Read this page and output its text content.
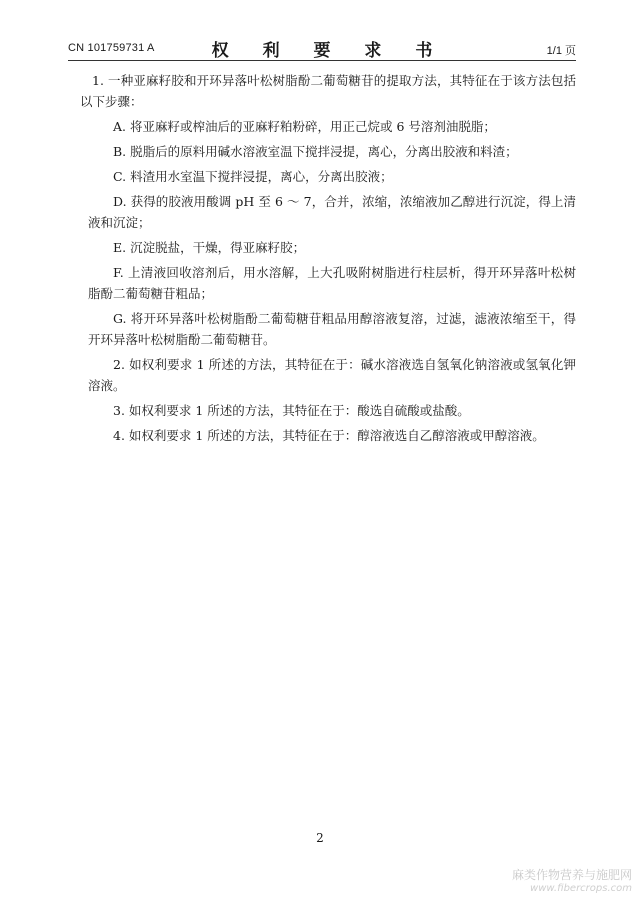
CN 101759731 A	权 利 要 求 书	1/1 页

1. 一种亚麻籽胶和开环异落叶松树脂酚二葡萄糖苷的提取方法，其特征在于该方法包括以下步骤：

A. 将亚麻籽或榨油后的亚麻籽粕粉碎，用正己烷或 6 号溶剂油脱脂；

B. 脱脂后的原料用碱水溶液室温下搅拌浸提，离心，分离出胶液和料渣；

C. 料渣用水室温下搅拌浸提，离心，分离出胶液；

D. 获得的胶液用酸调 pH 至 6 ～ 7，合并，浓缩，浓缩液加乙醇进行沉淀，得上清液和沉淀；

E. 沉淀脱盐，干燥，得亚麻籽胶；

F. 上清液回收溶剂后，用水溶解，上大孔吸附树脂进行柱层析，得开环异落叶松树脂酚二葡萄糖苷粗品；

G. 将开环异落叶松树脂酚二葡萄糖苷粗品用醇溶液复溶，过滤，滤液浓缩至干，得开环异落叶松树脂酚二葡萄糖苷。

2. 如权利要求 1 所述的方法，其特征在于：碱水溶液选自氢氧化钠溶液或氢氧化钾溶液。

3. 如权利要求 1 所述的方法，其特征在于：酸选自硫酸或盐酸。

4. 如权利要求 1 所述的方法，其特征在于：醇溶液选自乙醇溶液或甲醇溶液。

2
麻类作物营养与施肥网
www.fibercrops.com
